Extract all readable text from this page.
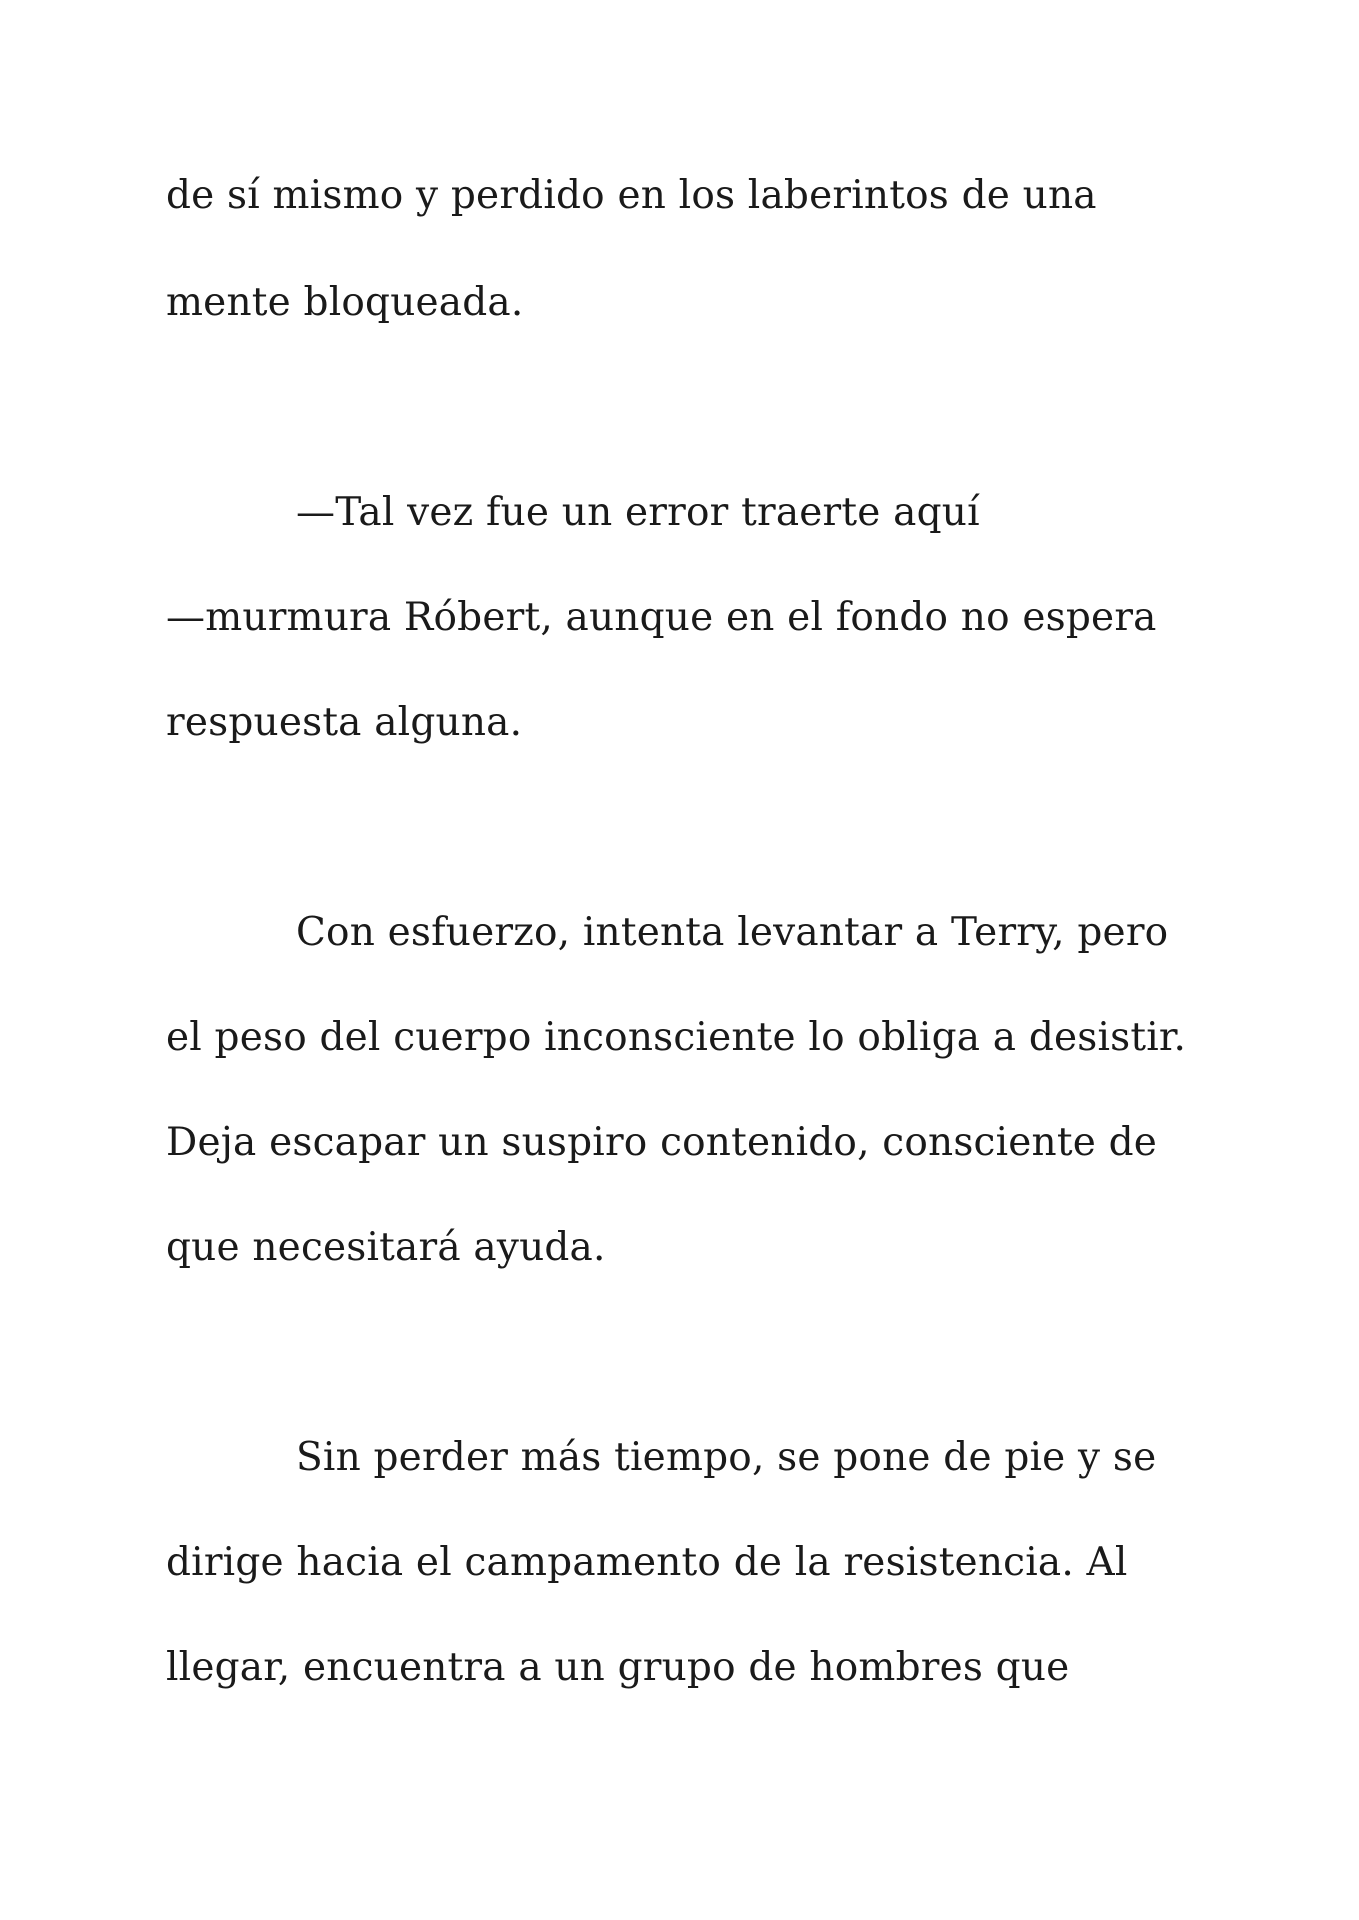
de sí mismo y perdido en los laberintos de una

mente bloqueada.

—Tal vez fue un error traerte aquí

—murmura Róbert, aunque en el fondo no espera

respuesta alguna.

Con esfuerzo, intenta levantar a Terry, pero

el peso del cuerpo inconsciente lo obliga a desistir.

Deja escapar un suspiro contenido, consciente de

que necesitará ayuda.

Sin perder más tiempo, se pone de pie y se

dirige hacia el campamento de la resistencia. Al

llegar, encuentra a un grupo de hombres que
